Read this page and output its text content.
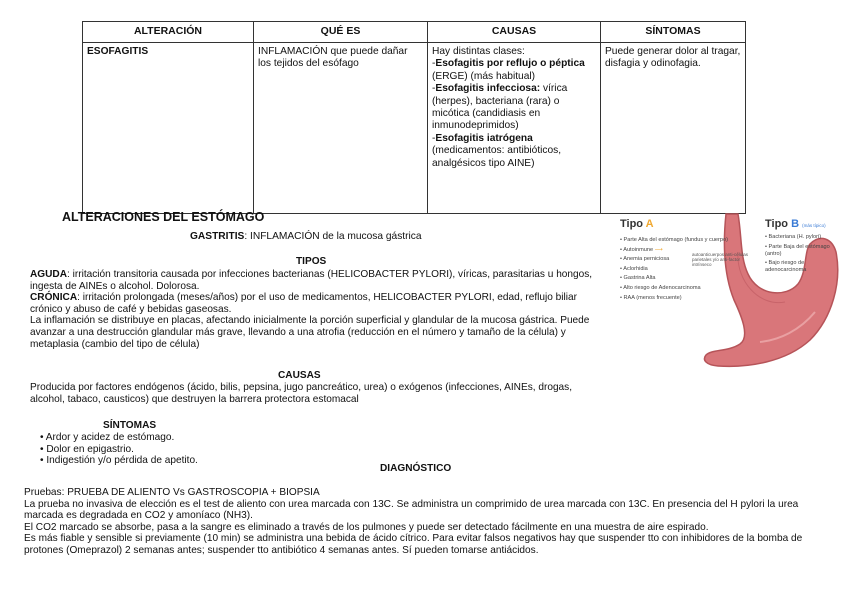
ALTERACIÓN	QUÉ ES	CAUSAS	SÍNTOMAS
ESOFAGITIS	INFLAMACIÓN que puede dañar los tejidos del esófago	Hay distintas clases:
-Esofagitis por reflujo o péptica (ERGE) (más habitual)
-Esofagitis infecciosa: vírica (herpes), bacteriana (rara) o micótica (candidiasis en inmunodeprimidos)
-Esofagitis iatrógena (medicamentos: antibióticos, analgésicos tipo AINE)	Puede generar dolor al tragar, disfagia y odinofagia.
ALTERACIONES DEL ESTÓMAGO
GASTRITIS: INFLAMACIÓN de la mucosa gástrica
TIPOS
AGUDA: irritación transitoria causada por infecciones bacterianas (HELICOBACTER PYLORI), víricas, parasitarias u hongos, ingesta de AINEs o alcohol. Dolorosa.
CRÓNICA: irritación prolongada (meses/años) por el uso de medicamentos, HELICOBACTER PYLORI, edad, reflujo biliar crónico y abuso de café y bebidas gaseosas.
La inflamación se distribuye en placas, afectando inicialmente la porción superficial y glandular de la mucosa gástrica. Puede avanzar a una destrucción glandular más grave, llevando a una atrofia (reducción en el número y tamaño de la célula) y metaplasia (cambio del tipo de célula)
CAUSAS
Producida por factores endógenos (ácido, bilis, pepsina, jugo pancreático, urea) o exógenos (infecciones, AINEs, drogas, alcohol, tabaco, causticos) que destruyen la barrera protectora estomacal
SÍNTOMAS
• Ardor y acidez de estómago.
• Dolor en epigastrio.
• Indigestión y/o pérdida de apetito.
DIAGNÓSTICO
Pruebas: PRUEBA DE ALIENTO Vs GASTROSCOPIA + BIOPSIA
La prueba no invasiva de elección es el test de aliento con urea marcada con 13C. Se administra un comprimido de urea marcada con 13C. En presencia del H pylori la urea marcada es degradada en CO2 y amoníaco (NH3).
El CO2 marcado se absorbe, pasa a la sangre es eliminado a través de los pulmones y puede ser detectado fácilmente en una muestra de aire espirado.
Es más fiable y sensible si previamente (10 min) se administra una bebida de ácido cítrico. Para evitar falsos negativos hay que suspender tto con inhibidores de la bomba de protones (Omeprazol) 2 semanas antes; suspender tto antibiótico 4 semanas antes. Sí pueden tomarse antiácidos.
Tipo A
• Parte Alta del estómago (fundus y cuerpo)
• Autoinmune ⟶
• Anemia perniciosa
• Aclorhidia
• Gastrina Alta
• Alto riesgo de Adenocarcinoma
• RAA (menos frecuente)
autoanticuerpos anti-células parietales y/o anti-factor intrínseco
Tipo B (más típico)
• Bacteriana (H. pylori)
• Parte Baja del estómago (antro)
• Bajo riesgo de adenocarcinoma
